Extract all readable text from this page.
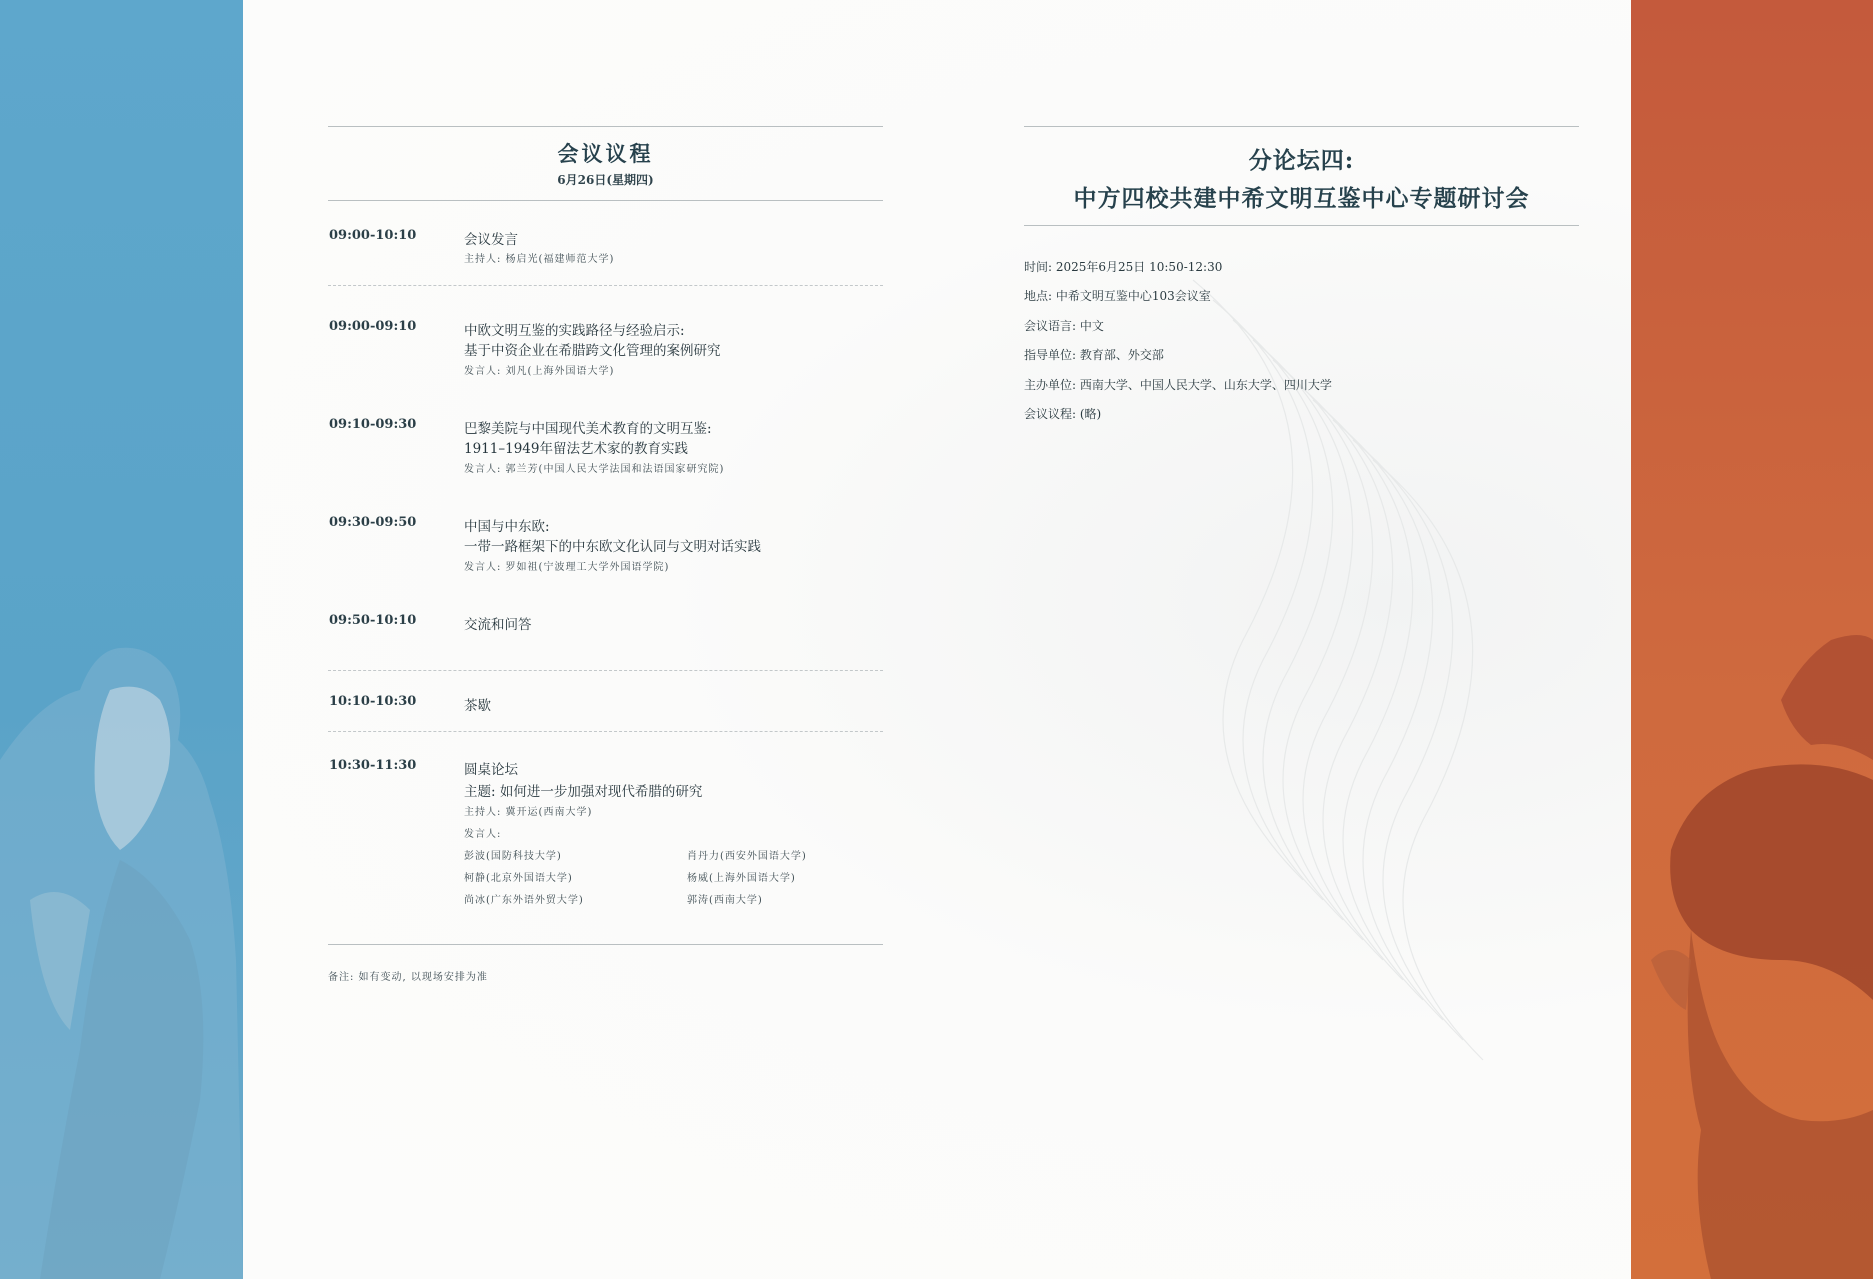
会议议程
6月26日(星期四)
09:00-10:10	会议发言
主持人: 杨启光(福建师范大学)
09:00-09:10	中欧文明互鉴的实践路径与经验启示:
基于中资企业在希腊跨文化管理的案例研究
发言人: 刘凡(上海外国语大学)
09:10-09:30	巴黎美院与中国现代美术教育的文明互鉴:
1911–1949年留法艺术家的教育实践
发言人: 郭兰芳(中国人民大学法国和法语国家研究院)
09:30-09:50	中国与中东欧:
一带一路框架下的中东欧文化认同与文明对话实践
发言人: 罗如祖(宁波理工大学外国语学院)
09:50-10:10	交流和问答
10:10-10:30	茶歇
10:30-11:30	圆桌论坛
主题: 如何进一步加强对现代希腊的研究
主持人: 冀开运(西南大学)
发言人:
彭波(国防科技大学)	肖丹力(西安外国语大学)
柯静(北京外国语大学)	杨威(上海外国语大学)
尚冰(广东外语外贸大学)	郭涛(西南大学)
备注: 如有变动, 以现场安排为准
分论坛四:
中方四校共建中希文明互鉴中心专题研讨会
时间: 2025年6月25日 10:50-12:30
地点: 中希文明互鉴中心103会议室
会议语言: 中文
指导单位: 教育部、外交部
主办单位: 西南大学、中国人民大学、山东大学、四川大学
会议议程: (略)
